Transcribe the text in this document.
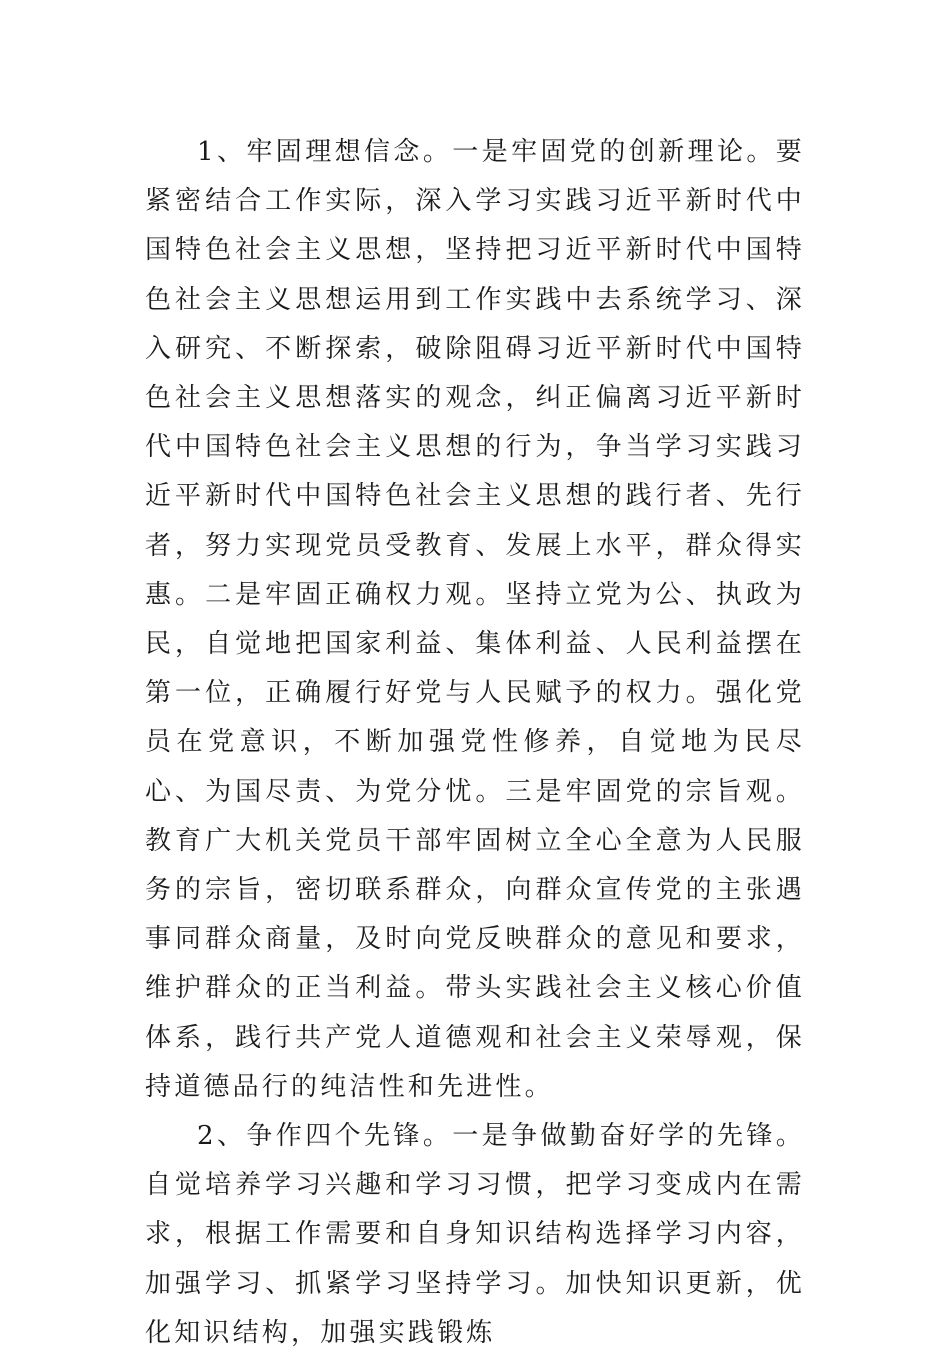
1、牢固理想信念。一是牢固党的创新理论。要紧密结合工作实际，深入学习实践习近平新时代中国特色社会主义思想，坚持把习近平新时代中国特色社会主义思想运用到工作实践中去系统学习、深入研究、不断探索，破除阻碍习近平新时代中国特色社会主义思想落实的观念，纠正偏离习近平新时代中国特色社会主义思想的行为，争当学习实践习近平新时代中国特色社会主义思想的践行者、先行者，努力实现党员受教育、发展上水平，群众得实惠。二是牢固正确权力观。坚持立党为公、执政为民，自觉地把国家利益、集体利益、人民利益摆在第一位，正确履行好党与人民赋予的权力。强化党员在党意识，不断加强党性修养，自觉地为民尽心、为国尽责、为党分忧。三是牢固党的宗旨观。教育广大机关党员干部牢固树立全心全意为人民服务的宗旨，密切联系群众，向群众宣传党的主张遇事同群众商量，及时向党反映群众的意见和要求，维护群众的正当利益。带头实践社会主义核心价值体系，践行共产党人道德观和社会主义荣辱观，保持道德品行的纯洁性和先进性。

2、争作四个先锋。一是争做勤奋好学的先锋。自觉培养学习兴趣和学习习惯，把学习变成内在需求，根据工作需要和自身知识结构选择学习内容，加强学习、抓紧学习坚持学习。加快知识更新，优化知识结构，加强实践锻炼
